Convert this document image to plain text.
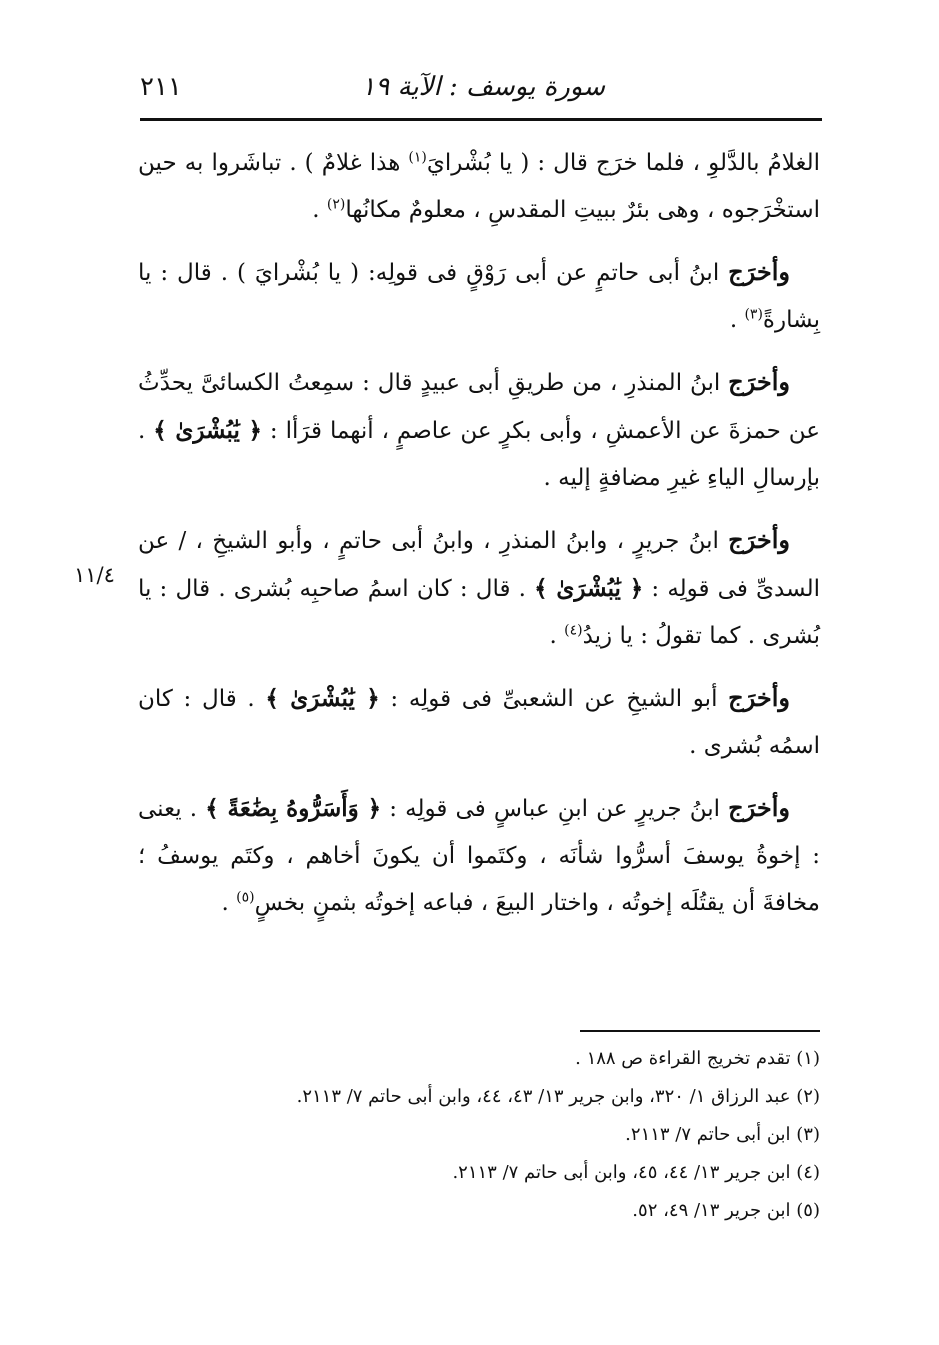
سورة يوسف : الآية ١٩
٢١١
١١/٤

الغلامُ بالدَّلوِ ، فلما خرَج قال : ( يا بُشْرايَ$^{(١)}$ هذا غلامٌ ) . تباشَروا به حين استخْرَجوه ، وهى بئرٌ ببيتِ المقدسِ ، معلومٌ مكانُها$^{(٢)}$ .

وأخرَج ابنُ أبى حاتمٍ عن أبى رَوْقٍ فى قولِه: ( يا بُشْرايَ ) . قال : يا بِشارةً$^{(٣)}$ .

وأخرَج ابنُ المنذرِ ، من طريقِ أبى عبيدٍ قال : سمِعتُ الكسائىَّ يحدِّثُ عن حمزةَ عن الأعمشِ ، وأبى بكرٍ عن عاصمٍ ، أنهما قرَأا : ﴿ يَٰبُشْرَىٰ ﴾ . بإرسالِ الياءِ غيرِ مضافةٍ إليه .

وأخرَج ابنُ جريرٍ ، وابنُ المنذرِ ، وابنُ أبى حاتمٍ ، وأبو الشيخِ ، / عن السدىِّ فى قولِه : ﴿ يَٰبُشْرَىٰ ﴾ . قال : كان اسمُ صاحبِه بُشرى . قال : يا بُشرى . كما تقولُ : يا زيدُ$^{(٤)}$ .

وأخرَج أبو الشيخِ عن الشعبىِّ فى قولِه : ﴿ يَٰبُشْرَىٰ ﴾ . قال : كان اسمُه بُشرى .

وأخرَج ابنُ جريرٍ عن ابنِ عباسٍ فى قولِه : ﴿ وَأَسَرُّوهُ بِضَٰعَةً ﴾ . يعنى : إخوةُ يوسفَ أسرُّوا شأنَه ، وكتَموا أن يكونَ أخاهم ، وكتَم يوسفُ ؛ مخافةَ أن يقتُلَه إخوتُه ، واختار البيعَ ، فباعه إخوتُه بثمنٍ بخسٍ$^{(٥)}$ .

(١) تقدم تخريج القراءة ص ١٨٨ .

(٢) عبد الرزاق ١/ ٣٢٠، وابن جرير ١٣/ ٤٣، ٤٤، وابن أبى حاتم ٧/ ٢١١٣.

(٣) ابن أبى حاتم ٧/ ٢١١٣.

(٤) ابن جرير ١٣/ ٤٤، ٤٥، وابن أبى حاتم ٧/ ٢١١٣.

(٥) ابن جرير ١٣/ ٤٩، ٥٢.
